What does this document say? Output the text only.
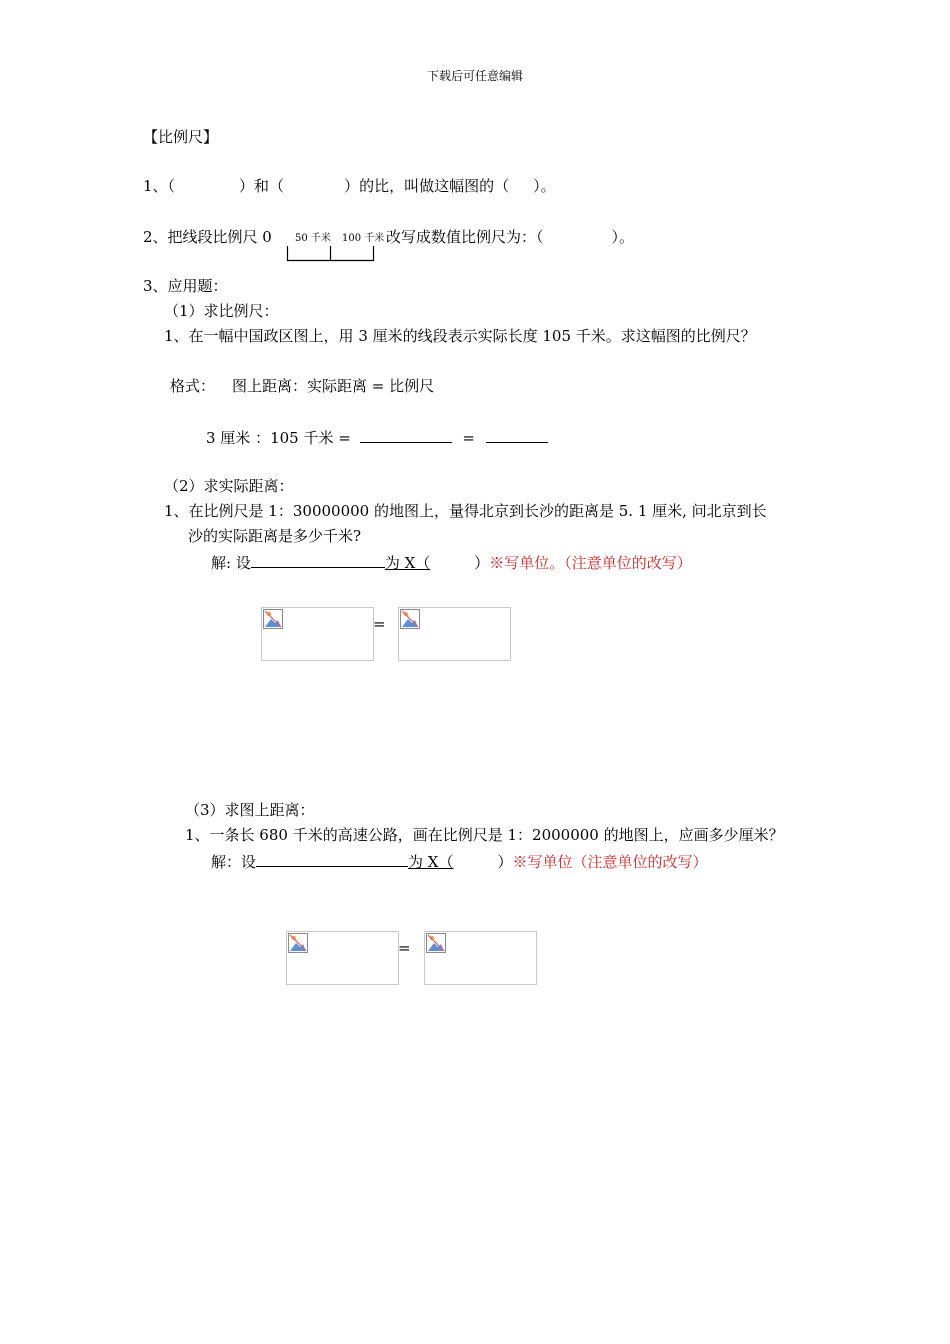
下载后可任意编辑
【比例尺】
1、（	）和（	）的比，叫做这幅图的（ ）。
2、把线段比例尺 0 50 千米 100 千米 改写成数值比例尺为：（	）。
3、应用题：
（1）求比例尺：
1、在一幅中国政区图上，用 3 厘米的线段表示实际长度 105 千米。求这幅图的比例尺？
格式： 图上距离：实际距离 = 比例尺
3 厘米 ：105 千米 =	=
（2）求实际距离：
1、在比例尺是 1：30000000 的地图上，量得北京到长沙的距离是 5. 1 厘米, 问北京到长
沙的实际距离是多少千米?
解: 设	为 X（	）※写单位。（注意单位的改写）
=
（3）求图上距离：
1、一条长 680 千米的高速公路，画在比例尺是 1：2000000 的地图上，应画多少厘米？
解：设	为 X（	）※写单位（注意单位的改写）
=
